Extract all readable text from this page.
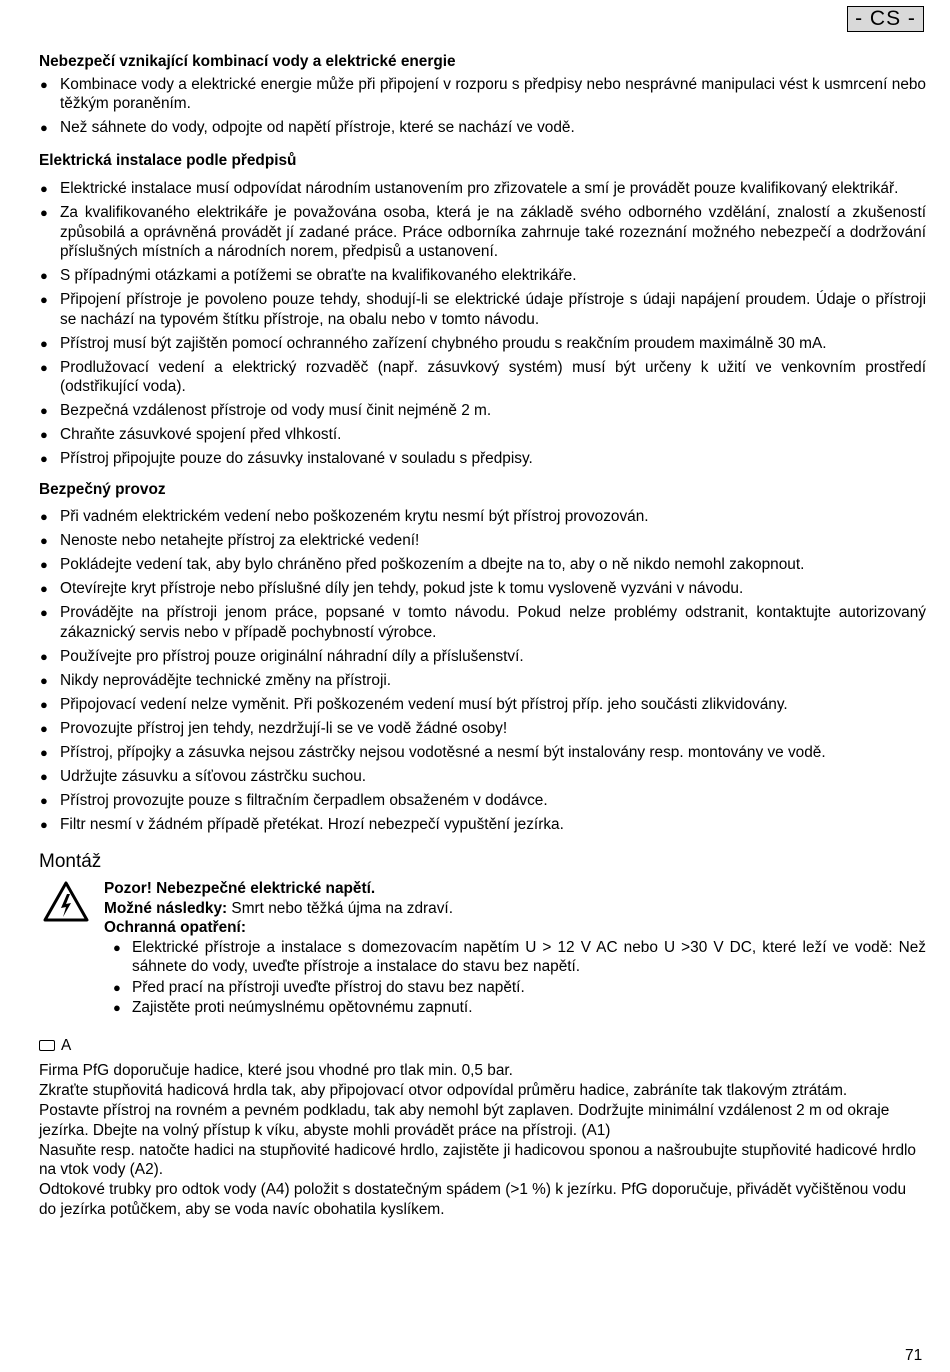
- CS -
Nebezpečí vznikající kombinací vody a elektrické energie
● Kombinace vody a elektrické energie může při připojení v rozporu s předpisy nebo nesprávné manipulaci vést k usmrcení nebo těžkým poraněním.
● Než sáhnete do vody, odpojte od napětí přístroje, které se nachází ve vodě.
Elektrická instalace podle předpisů
● Elektrické instalace musí odpovídat národním ustanovením pro zřizovatele a smí je provádět pouze kvalifikovaný elektrikář.
● Za kvalifikovaného elektrikáře je považována osoba, která je na základě svého odborného vzdělání, znalostí a zkušeností způsobilá a oprávněná provádět jí zadané práce. Práce odborníka zahrnuje také rozeznání možného nebezpečí a dodržování příslušných místních a národních norem, předpisů a ustanovení.
● S případnými otázkami a potížemi se obraťte na kvalifikovaného elektrikáře.
● Připojení přístroje je povoleno pouze tehdy, shodují-li se elektrické údaje přístroje s údaji napájení proudem. Údaje o přístroji se nachází na typovém štítku přístroje, na obalu nebo v tomto návodu.
● Přístroj musí být zajištěn pomocí ochranného zařízení chybného proudu s reakčním proudem maximálně 30 mA.
● Prodlužovací vedení a elektrický rozvaděč (např. zásuvkový systém) musí být určeny k užití ve venkovním prostředí (odstřikující voda).
● Bezpečná vzdálenost přístroje od vody musí činit nejméně 2 m.
● Chraňte zásuvkové spojení před vlhkostí.
● Přístroj připojujte pouze do zásuvky instalované v souladu s předpisy.
Bezpečný provoz
● Při vadném elektrickém vedení nebo poškozeném krytu nesmí být přístroj provozován.
● Nenoste nebo netahejte přístroj za elektrické vedení!
● Pokládejte vedení tak, aby bylo chráněno před poškozením a dbejte na to, aby o ně nikdo nemohl zakopnout.
● Otevírejte kryt přístroje nebo příslušné díly jen tehdy, pokud jste k tomu vysloveně vyzváni v návodu.
● Provádějte na přístroji jenom práce, popsané v tomto návodu. Pokud nelze problémy odstranit, kontaktujte autorizovaný zákaznický servis nebo v případě pochybností výrobce.
● Používejte pro přístroj pouze originální náhradní díly a příslušenství.
● Nikdy neprovádějte technické změny na přístroji.
● Připojovací vedení nelze vyměnit. Při poškozeném vedení musí být přístroj příp. jeho součásti zlikvidovány.
● Provozujte přístroj jen tehdy, nezdržují-li se ve vodě žádné osoby!
● Přístroj, přípojky a zásuvka nejsou zástrčky nejsou vodotěsné a nesmí být instalovány resp. montovány ve vodě.
● Udržujte zásuvku a síťovou zástrčku suchou.
● Přístroj provozujte pouze s filtračním čerpadlem obsaženém v dodávce.
● Filtr nesmí v žádném případě přetékat. Hrozí nebezpečí vypuštění jezírka.
Montáž
Pozor! Nebezpečné elektrické napětí.
Možné následky: Smrt nebo těžká újma na zdraví.
Ochranná opatření:
● Elektrické přístroje a instalace s domezovacím napětím U > 12 V AC nebo U >30 V DC, které leží ve vodě: Než sáhnete do vody, uveďte přístroje a instalace do stavu bez napětí.
● Před prací na přístroji uveďte přístroj do stavu bez napětí.
● Zajistěte proti neúmyslnému opětovnému zapnutí.
A
Firma PfG doporučuje hadice, které jsou vhodné pro tlak min. 0,5 bar.
Zkraťte stupňovitá hadicová hrdla tak, aby připojovací otvor odpovídal průměru hadice, zabráníte tak tlakovým ztrátám.
Postavte přístroj na rovném a pevném podkladu, tak aby nemohl být zaplaven. Dodržujte minimální vzdálenost 2 m od okraje jezírka. Dbejte na volný přístup k víku, abyste mohli provádět práce na přístroji. (A1)
Nasuňte resp. natočte hadici na stupňovité hadicové hrdlo, zajistěte ji hadicovou sponou a našroubujte stupňovité hadicové hrdlo na vtok vody (A2).
Odtokové trubky pro odtok vody (A4) položit s dostatečným spádem (>1 %) k jezírku. PfG doporučuje, přivádět vyčištěnou vodu do jezírka potůčkem, aby se voda navíc obohatila kyslíkem.
71
